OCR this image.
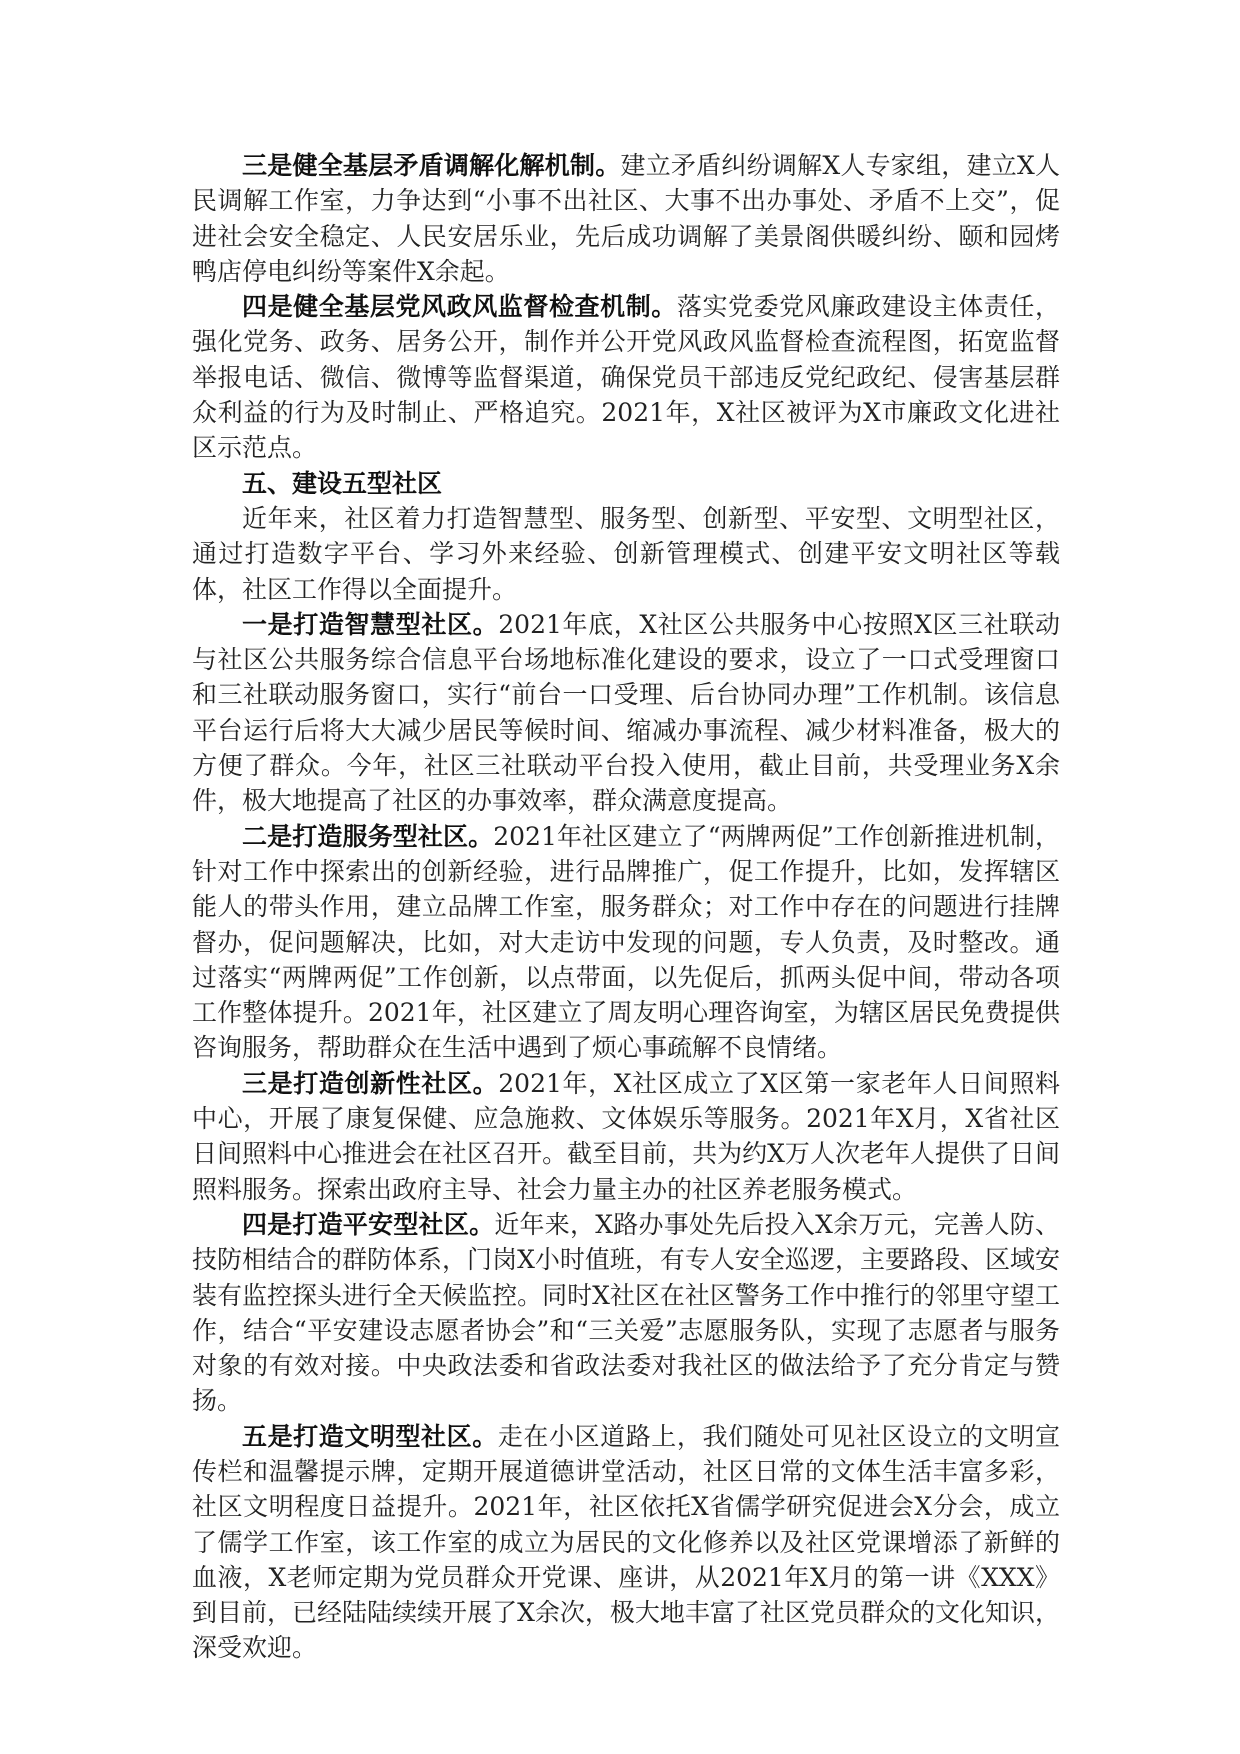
三是健全基层矛盾调解化解机制。建立矛盾纠纷调解X人专家组，建立X人民调解工作室，力争达到“小事不出社区、大事不出办事处、矛盾不上交”，促进社会安全稳定、人民安居乐业，先后成功调解了美景阁供暖纠纷、颐和园烤鸭店停电纠纷等案件X余起。

四是健全基层党风政风监督检查机制。落实党委党风廉政建设主体责任，强化党务、政务、居务公开，制作并公开党风政风监督检查流程图，拓宽监督举报电话、微信、微博等监督渠道，确保党员干部违反党纪政纪、侵害基层群众利益的行为及时制止、严格追究。2021年，X社区被评为X市廉政文化进社区示范点。

五、建设五型社区

近年来，社区着力打造智慧型、服务型、创新型、平安型、文明型社区，通过打造数字平台、学习外来经验、创新管理模式、创建平安文明社区等载体，社区工作得以全面提升。

一是打造智慧型社区。2021年底，X社区公共服务中心按照X区三社联动与社区公共服务综合信息平台场地标准化建设的要求，设立了一口式受理窗口和三社联动服务窗口，实行“前台一口受理、后台协同办理”工作机制。该信息平台运行后将大大减少居民等候时间、缩减办事流程、减少材料准备，极大的方便了群众。今年，社区三社联动平台投入使用，截止目前，共受理业务X余件，极大地提高了社区的办事效率，群众满意度提高。

二是打造服务型社区。2021年社区建立了“两牌两促”工作创新推进机制，针对工作中探索出的创新经验，进行品牌推广，促工作提升，比如，发挥辖区能人的带头作用，建立品牌工作室，服务群众；对工作中存在的问题进行挂牌督办，促问题解决，比如，对大走访中发现的问题，专人负责，及时整改。通过落实“两牌两促”工作创新，以点带面，以先促后，抓两头促中间，带动各项工作整体提升。2021年，社区建立了周友明心理咨询室，为辖区居民免费提供咨询服务，帮助群众在生活中遇到了烦心事疏解不良情绪。

三是打造创新性社区。2021年，X社区成立了X区第一家老年人日间照料中心，开展了康复保健、应急施救、文体娱乐等服务。2021年X月，X省社区日间照料中心推进会在社区召开。截至目前，共为约X万人次老年人提供了日间照料服务。探索出政府主导、社会力量主办的社区养老服务模式。

四是打造平安型社区。近年来，X路办事处先后投入X余万元，完善人防、技防相结合的群防体系，门岗X小时值班，有专人安全巡逻，主要路段、区域安装有监控探头进行全天候监控。同时X社区在社区警务工作中推行的邻里守望工作，结合“平安建设志愿者协会”和“三关爱”志愿服务队，实现了志愿者与服务对象的有效对接。中央政法委和省政法委对我社区的做法给予了充分肯定与赞扬。

五是打造文明型社区。走在小区道路上，我们随处可见社区设立的文明宣传栏和温馨提示牌，定期开展道德讲堂活动，社区日常的文体生活丰富多彩，社区文明程度日益提升。2021年，社区依托X省儒学研究促进会X分会，成立了儒学工作室，该工作室的成立为居民的文化修养以及社区党课增添了新鲜的血液，X老师定期为党员群众开党课、座讲，从2021年X月的第一讲《XXX》到目前，已经陆陆续续开展了X余次，极大地丰富了社区党员群众的文化知识，深受欢迎。
